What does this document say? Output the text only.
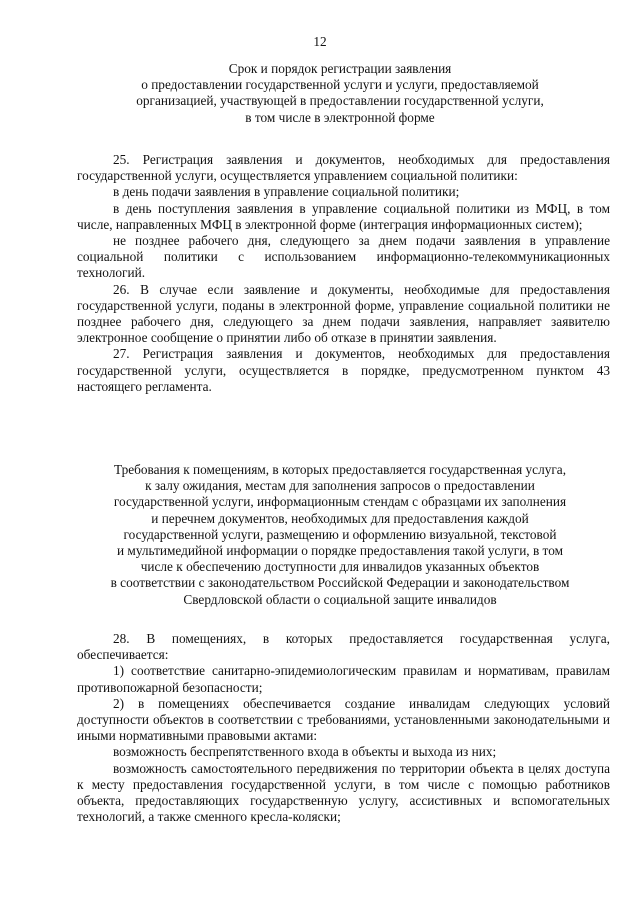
12
Срок и порядок регистрации заявления
о предоставлении государственной услуги и услуги, предоставляемой
организацией, участвующей в предоставлении государственной услуги,
в том числе в электронной форме

25. Регистрация заявления и документов, необходимых для предоставления государственной услуги, осуществляется управлением социальной политики:

в день подачи заявления в управление социальной политики;

в день поступления заявления в управление социальной политики из МФЦ, в том числе, направленных МФЦ в электронной форме (интеграция информационных систем);

не позднее рабочего дня, следующего за днем подачи заявления в управление социальной политики с использованием информационно-телекоммуникационных технологий.

26. В случае если заявление и документы, необходимые для предоставления государственной услуги, поданы в электронной форме, управление социальной политики не позднее рабочего дня, следующего за днем подачи заявления, направляет заявителю электронное сообщение о принятии либо об отказе в принятии заявления.

27. Регистрация заявления и документов, необходимых для предоставления государственной услуги, осуществляется в порядке, предусмотренном пунктом 43 настоящего регламента.

Требования к помещениям, в которых предоставляется государственная услуга,
к залу ожидания, местам для заполнения запросов о предоставлении
государственной услуги, информационным стендам с образцами их заполнения
и перечнем документов, необходимых для предоставления каждой
государственной услуги, размещению и оформлению визуальной, текстовой
и мультимедийной информации о порядке предоставления такой услуги, в том
числе к обеспечению доступности для инвалидов указанных объектов
в соответствии с законодательством Российской Федерации и законодательством
Свердловской области о социальной защите инвалидов

28. В помещениях, в которых предоставляется государственная услуга, обеспечивается:

1) соответствие санитарно-эпидемиологическим правилам и нормативам, правилам противопожарной безопасности;

2) в помещениях обеспечивается создание инвалидам следующих условий доступности объектов в соответствии с требованиями, установленными законодательными и иными нормативными правовыми актами:

возможность беспрепятственного входа в объекты и выхода из них;

возможность самостоятельного передвижения по территории объекта в целях доступа к месту предоставления государственной услуги, в том числе с помощью работников объекта, предоставляющих государственную услугу, ассистивных и вспомогательных технологий, а также сменного кресла-коляски;
